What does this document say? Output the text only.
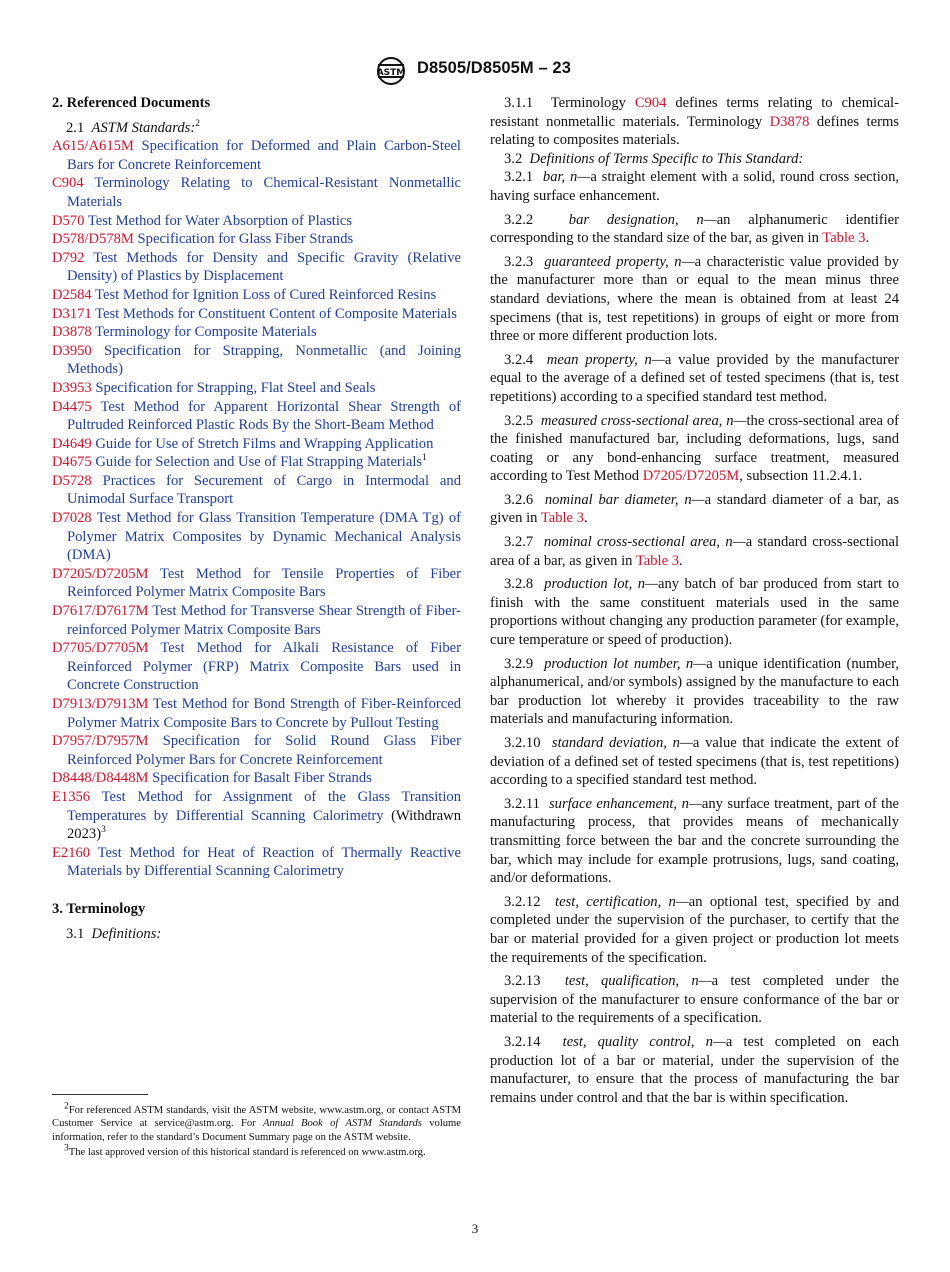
ASTM D8505/D8505M – 23

2. Referenced Documents

2.1 ASTM Standards:$^2$

A615/A615M Specification for Deformed and Plain Carbon-Steel Bars for Concrete Reinforcement

C904 Terminology Relating to Chemical-Resistant Nonmetallic Materials

D570 Test Method for Water Absorption of Plastics

D578/D578M Specification for Glass Fiber Strands

D792 Test Methods for Density and Specific Gravity (Relative Density) of Plastics by Displacement

D2584 Test Method for Ignition Loss of Cured Reinforced Resins

D3171 Test Methods for Constituent Content of Composite Materials

D3878 Terminology for Composite Materials

D3950 Specification for Strapping, Nonmetallic (and Joining Methods)

D3953 Specification for Strapping, Flat Steel and Seals

D4475 Test Method for Apparent Horizontal Shear Strength of Pultruded Reinforced Plastic Rods By the Short-Beam Method

D4649 Guide for Use of Stretch Films and Wrapping Application

D4675 Guide for Selection and Use of Flat Strapping Materials$^1$

D5728 Practices for Securement of Cargo in Intermodal and Unimodal Surface Transport

D7028 Test Method for Glass Transition Temperature (DMA Tg) of Polymer Matrix Composites by Dynamic Mechanical Analysis (DMA)

D7205/D7205M Test Method for Tensile Properties of Fiber Reinforced Polymer Matrix Composite Bars

D7617/D7617M Test Method for Transverse Shear Strength of Fiber-reinforced Polymer Matrix Composite Bars

D7705/D7705M Test Method for Alkali Resistance of Fiber Reinforced Polymer (FRP) Matrix Composite Bars used in Concrete Construction

D7913/D7913M Test Method for Bond Strength of Fiber-Reinforced Polymer Matrix Composite Bars to Concrete by Pullout Testing

D7957/D7957M Specification for Solid Round Glass Fiber Reinforced Polymer Bars for Concrete Reinforcement

D8448/D8448M Specification for Basalt Fiber Strands

E1356 Test Method for Assignment of the Glass Transition Temperatures by Differential Scanning Calorimetry (Withdrawn 2023)$^3$

E2160 Test Method for Heat of Reaction of Thermally Reactive Materials by Differential Scanning Calorimetry

3. Terminology

3.1 Definitions:

3.1.1 Terminology C904 defines terms relating to chemical-resistant nonmetallic materials. Terminology D3878 defines terms relating to composites materials.

3.2 Definitions of Terms Specific to This Standard:

3.2.1 bar, n—a straight element with a solid, round cross section, having surface enhancement.

3.2.2 bar designation, n—an alphanumeric identifier corresponding to the standard size of the bar, as given in Table 3.

3.2.3 guaranteed property, n—a characteristic value provided by the manufacturer more than or equal to the mean minus three standard deviations, where the mean is obtained from at least 24 specimens (that is, test repetitions) in groups of eight or more from three or more different production lots.

3.2.4 mean property, n—a value provided by the manufacturer equal to the average of a defined set of tested specimens (that is, test repetitions) according to a specified standard test method.

3.2.5 measured cross-sectional area, n—the cross-sectional area of the finished manufactured bar, including deformations, lugs, sand coating or any bond-enhancing surface treatment, measured according to Test Method D7205/D7205M, subsection 11.2.4.1.

3.2.6 nominal bar diameter, n—a standard diameter of a bar, as given in Table 3.

3.2.7 nominal cross-sectional area, n—a standard cross-sectional area of a bar, as given in Table 3.

3.2.8 production lot, n—any batch of bar produced from start to finish with the same constituent materials used in the same proportions without changing any production parameter (for example, cure temperature or speed of production).

3.2.9 production lot number, n—a unique identification (number, alphanumerical, and/or symbols) assigned by the manufacture to each bar production lot whereby it provides traceability to the raw materials and manufacturing information.

3.2.10 standard deviation, n—a value that indicate the extent of deviation of a defined set of tested specimens (that is, test repetitions) according to a specified standard test method.

3.2.11 surface enhancement, n—any surface treatment, part of the manufacturing process, that provides means of mechanically transmitting force between the bar and the concrete surrounding the bar, which may include for example protrusions, lugs, sand coating, and/or deformations.

3.2.12 test, certification, n—an optional test, specified by and completed under the supervision of the purchaser, to certify that the bar or material provided for a given project or production lot meets the requirements of the specification.

3.2.13 test, qualification, n—a test completed under the supervision of the manufacturer to ensure conformance of the bar or material to the requirements of a specification.

3.2.14 test, quality control, n—a test completed on each production lot of a bar or material, under the supervision of the manufacturer, to ensure that the process of manufacturing the bar remains under control and that the bar is within specification.

$^2$For referenced ASTM standards, visit the ASTM website, www.astm.org, or contact ASTM Customer Service at service@astm.org. For Annual Book of ASTM Standards volume information, refer to the standard’s Document Summary page on the ASTM website.

$^3$The last approved version of this historical standard is referenced on www.astm.org.

3
